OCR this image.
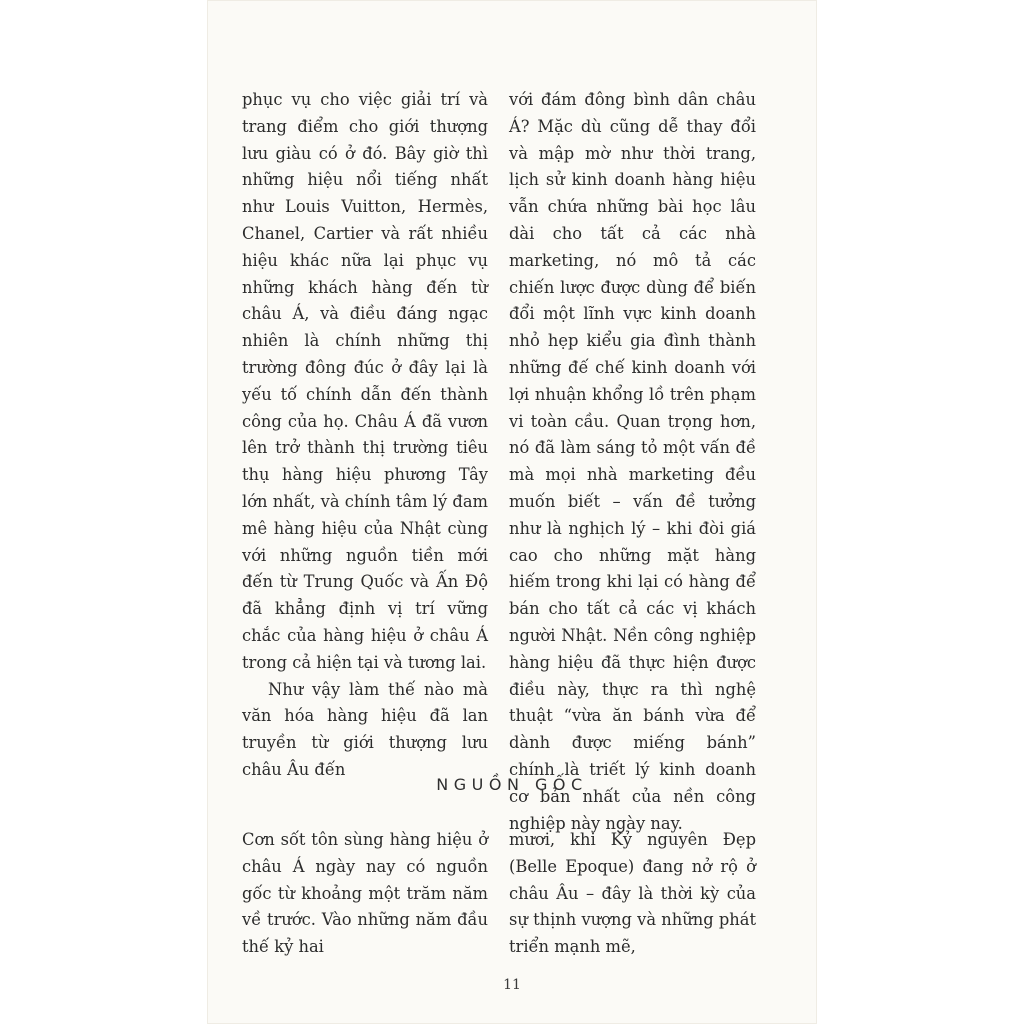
phục vụ cho việc giải trí và trang điểm cho giới thượng lưu giàu có ở đó. Bây giờ thì những hiệu nổi tiếng nhất như Louis Vuitton, Hermès, Chanel, Cartier và rất nhiều hiệu khác nữa lại phục vụ những khách hàng đến từ châu Á, và điều đáng ngạc nhiên là chính những thị trường đông đúc ở đây lại là yếu tố chính dẫn đến thành công của họ. Châu Á đã vươn lên trở thành thị trường tiêu thụ hàng hiệu phương Tây lớn nhất, và chính tâm lý đam mê hàng hiệu của Nhật cùng với những nguồn tiền mới đến từ Trung Quốc và Ấn Độ đã khẳng định vị trí vững chắc của hàng hiệu ở châu Á trong cả hiện tại và tương lai.

Như vậy làm thế nào mà văn hóa hàng hiệu đã lan truyền từ giới thượng lưu châu Âu đến

với đám đông bình dân châu Á? Mặc dù cũng dễ thay đổi và mập mờ như thời trang, lịch sử kinh doanh hàng hiệu vẫn chứa những bài học lâu dài cho tất cả các nhà marketing, nó mô tả các chiến lược được dùng để biến đổi một lĩnh vực kinh doanh nhỏ hẹp kiểu gia đình thành những đế chế kinh doanh với lợi nhuận khổng lồ trên phạm vi toàn cầu. Quan trọng hơn, nó đã làm sáng tỏ một vấn đề mà mọi nhà marketing đều muốn biết – vấn đề tưởng như là nghịch lý – khi đòi giá cao cho những mặt hàng hiếm trong khi lại có hàng để bán cho tất cả các vị khách người Nhật. Nền công nghiệp hàng hiệu đã thực hiện được điều này, thực ra thì nghệ thuật “vừa ăn bánh vừa để dành được miếng bánh” chính là triết lý kinh doanh cơ bản nhất của nền công nghiệp này ngày nay.

NGUỒN GỐC

Cơn sốt tôn sùng hàng hiệu ở châu Á ngày nay có nguồn gốc từ khoảng một trăm năm về trước. Vào những năm đầu thế kỷ hai

mươi, khi Kỷ nguyên Đẹp (Belle Epoque) đang nở rộ ở châu Âu – đây là thời kỳ của sự thịnh vượng và những phát triển mạnh mẽ,

11
